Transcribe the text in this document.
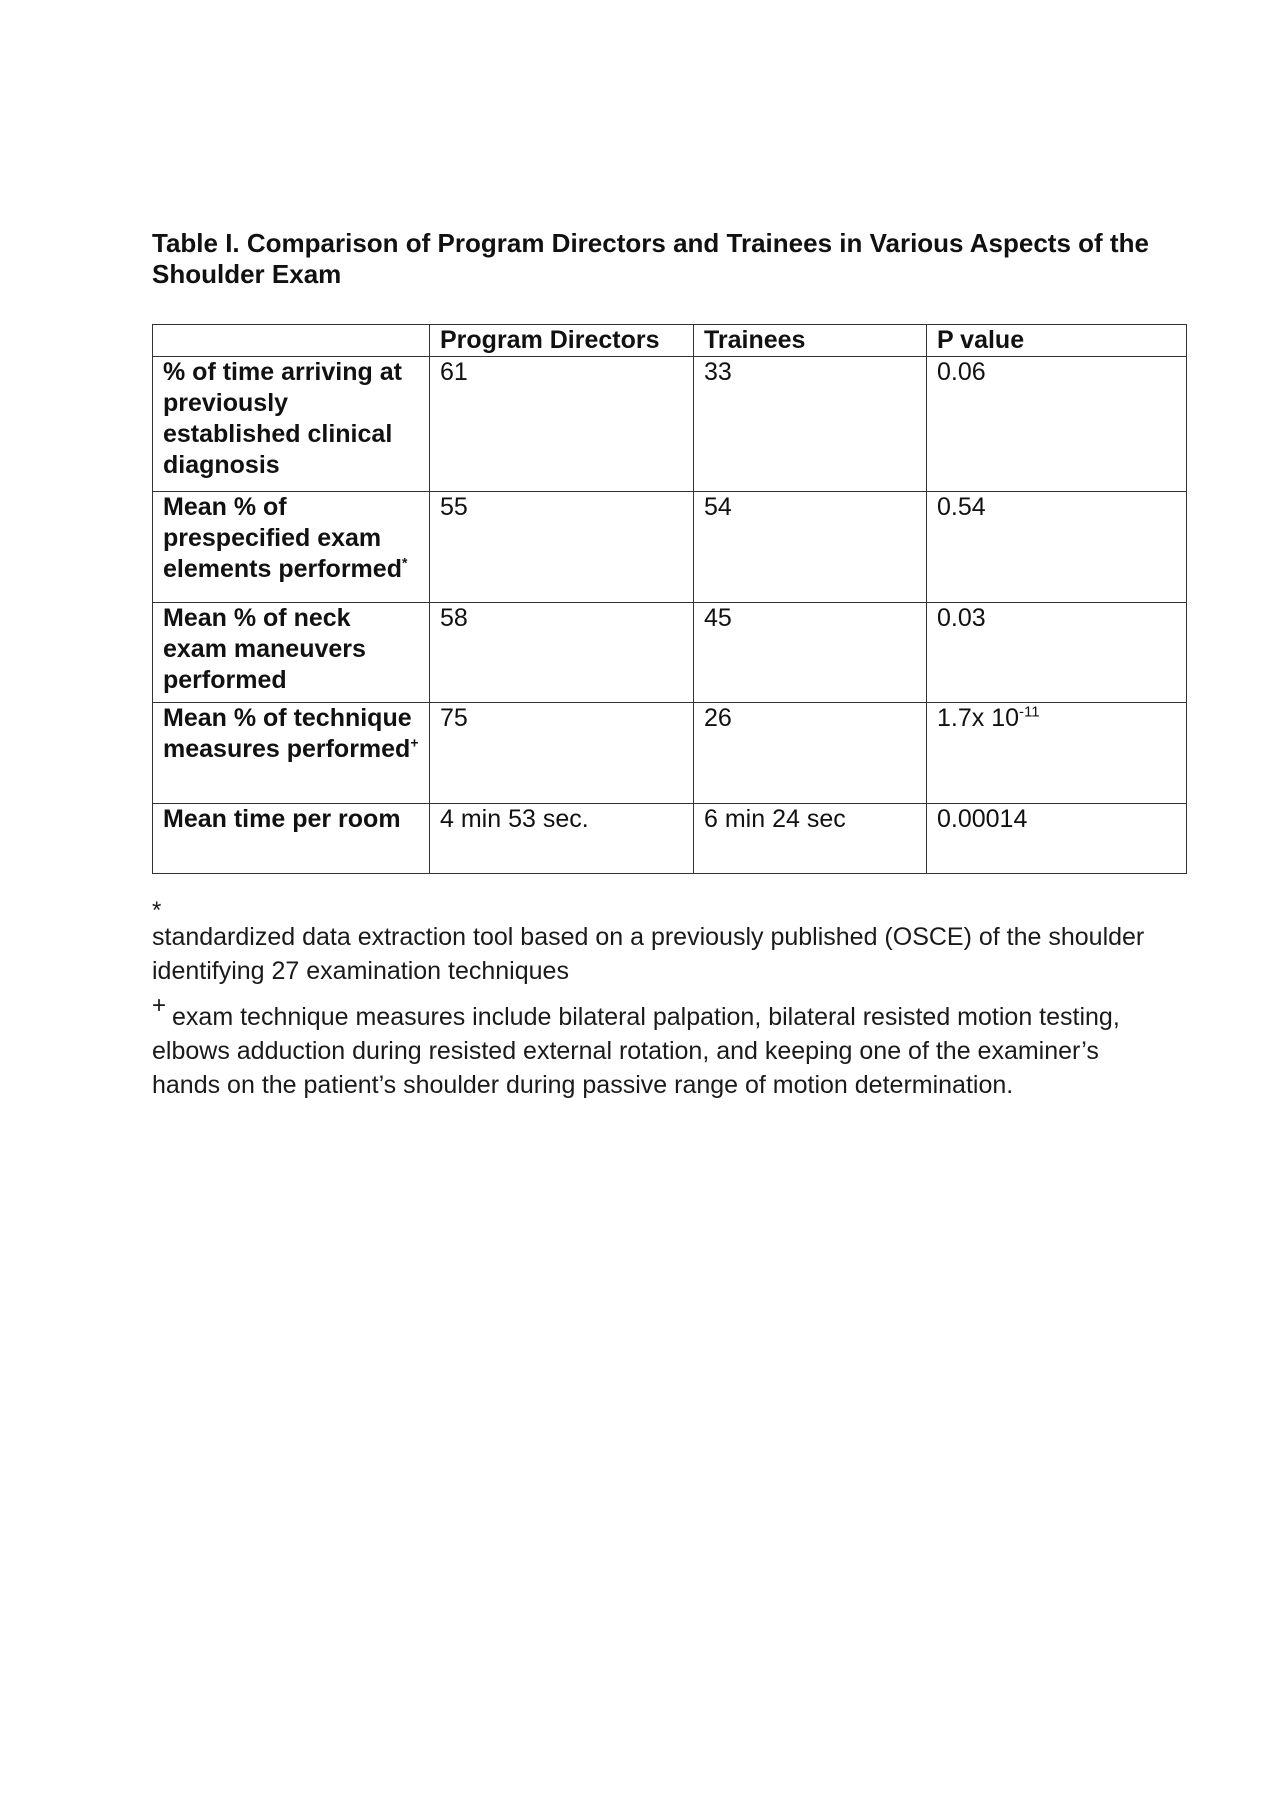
Table I. Comparison of Program Directors and Trainees in Various Aspects of the Shoulder Exam
	Program Directors	Trainees	P value
% of time arriving at previously established clinical diagnosis	61	33	0.06
Mean % of prespecified exam elements performed*	55	54	0.54
Mean % of neck exam maneuvers performed	58	45	0.03
Mean % of technique measures performed+	75	26	1.7x $10^{-11}$
Mean time per room	4 min 53 sec.	6 min 24 sec	0.00014

*
standardized data extraction tool based on a previously published (OSCE) of the shoulder identifying 27 examination techniques

+ exam technique measures include bilateral palpation, bilateral resisted motion testing, elbows adduction during resisted external rotation, and keeping one of the examiner’s hands on the patient’s shoulder during passive range of motion determination.
